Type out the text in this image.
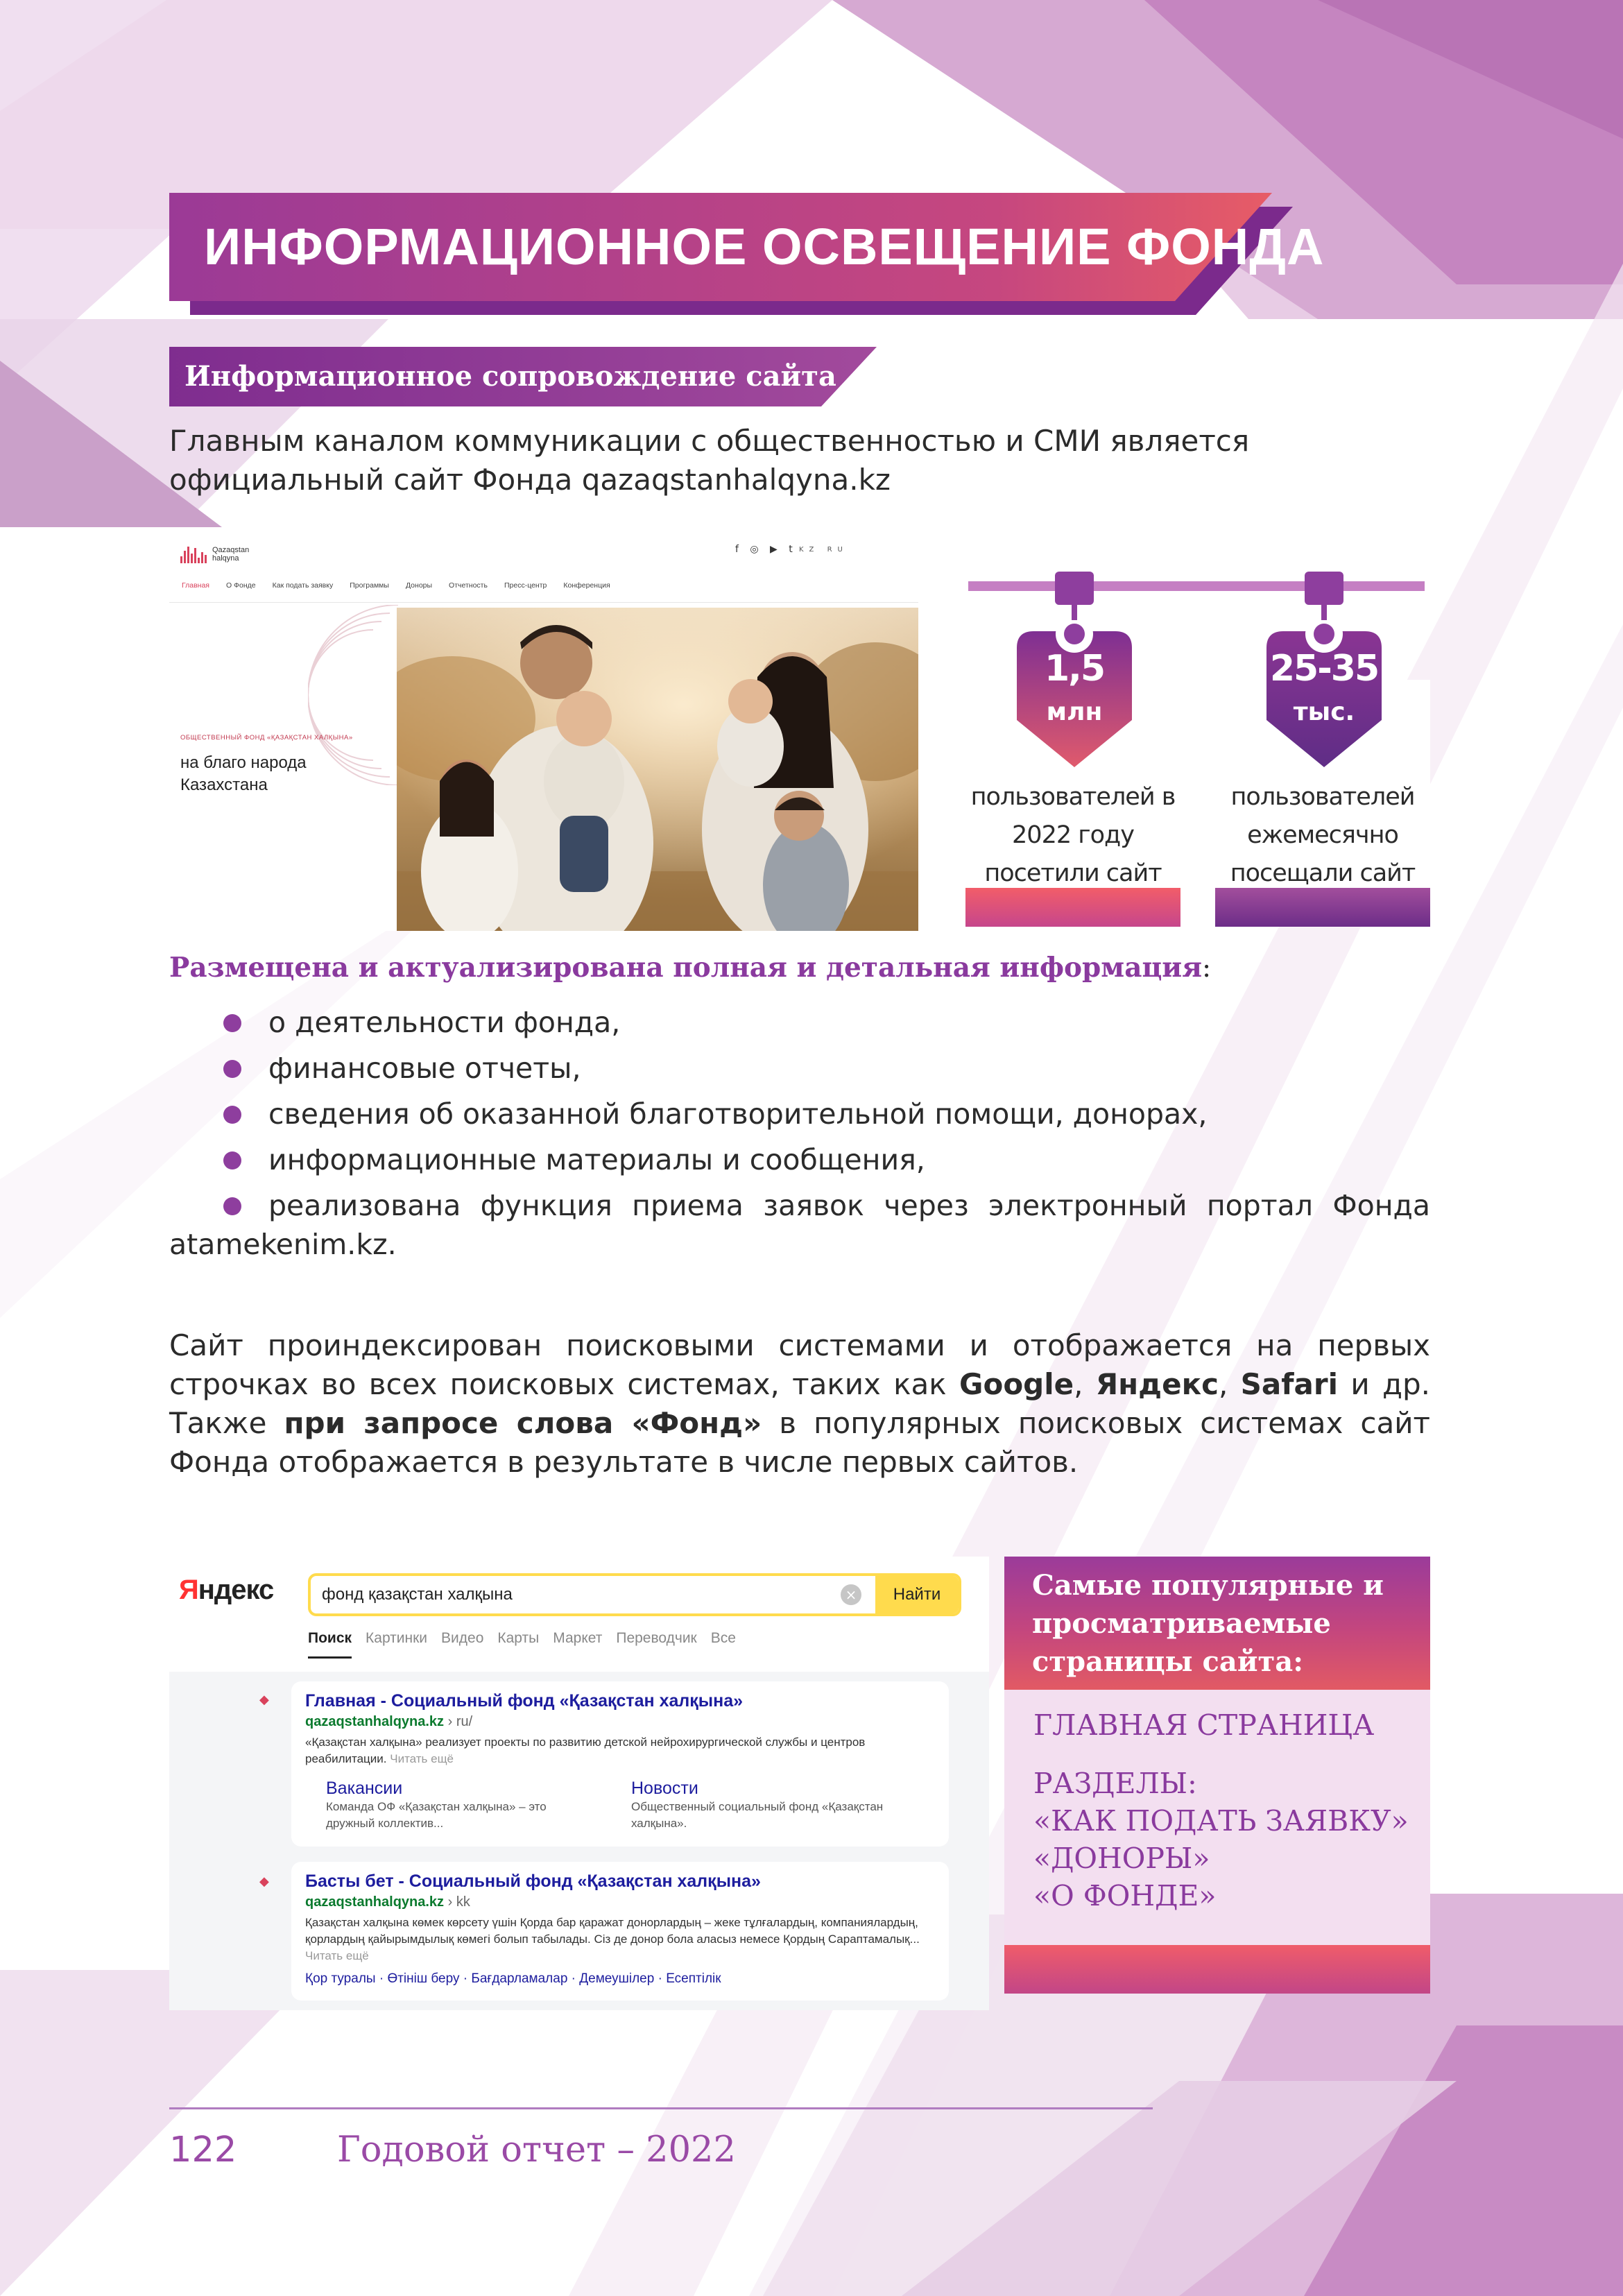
ИНФОРМАЦИОННОЕ ОСВЕЩЕНИЕ ФОНДА
Информационное сопровождение сайта
Главным каналом коммуникации с общественностью и СМИ является официальный сайт Фонда qazaqstanhalqyna.kz
Qazaqstan
halqyna
f ◎ ▶ t KZ RU
Главная О Фонде Как подать заявку Программы Доноры Отчетность Пресс-центр Конференция
ОБЩЕСТВЕННЫЙ ФОНД «ҚАЗАҚСТАН ХАЛҚЫНА»
на благо народа Казахстана	пользователей в 2022 году посетили сайт
1,5
млн
пользователей ежемесячно посещали сайт
25-35
тыс.
Размещена и актуализирована полная и детальная информация:
о деятельности фонда,
финансовые отчеты,
сведения об оказанной благотворительной помощи, донорах,
информационные материалы и сообщения,
реализована функция приема заявок через электронный портал Фонда atamekenim.kz.
Сайт проиндексирован поисковыми системами и отображается на первых строчках во всех поисковых системах, таких как Google, Яндекс, Safari и др. Также при запросе слова «Фонд» в популярных поисковых системах сайт Фонда отображается в результате в числе первых сайтов.
Яндекс	фонд қазақстан халқына	×	Найти
Поиск Картинки Видео Карты Маркет Переводчик Все
◆ Главная - Социальный фонд «Қазақстан халқына»
qazaqstanhalqyna.kz › ru/
«Қазақстан халқына» реализует проекты по развитию детской нейрохирургической службы и центров реабилитации. Читать ещё
Вакансии
Команда ОФ «Қазақстан халқына» – это дружный коллектив...
Новости
Общественный социальный фонд «Қазақстан халқына».
◆ Басты бет - Социальный фонд «Қазақстан халқына»
qazaqstanhalqyna.kz › kk
Қазақстан халқына көмек көрсету үшін Қорда бар қаражат донорлардың – жеке тұлғалардың, компаниялардың, қорлардың қайырымдылық көмегі болып табылады. Сіз де донор бола аласыз немесе Қордың Сараптамалық... Читать ещё
Қор туралы · Өтініш беру · Бағдарламалар · Демеушілер · Есептілік
Самые популярные и просматриваемые страницы сайта:
ГЛАВНАЯ СТРАНИЦА
РАЗДЕЛЫ:
«КАК ПОДАТЬ ЗАЯВКУ»
«ДОНОРЫ»
«О ФОНДЕ»
122	Годовой отчет – 2022
